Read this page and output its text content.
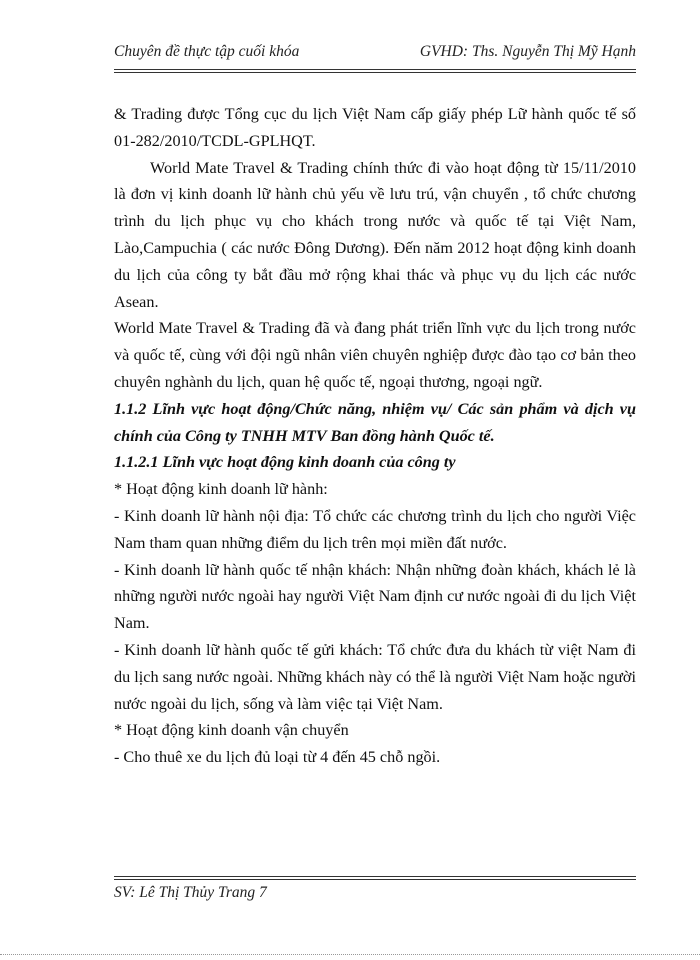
Chuyên đề thực tập cuối khóa	GVHD: Ths. Nguyễn Thị Mỹ Hạnh

& Trading được Tổng cục du lịch Việt Nam cấp giấy phép Lữ hành quốc tế số 01-282/2010/TCDL-GPLHQT.

World Mate Travel & Trading chính thức đi vào hoạt động từ 15/11/2010 là đơn vị kinh doanh lữ hành chủ yếu về lưu trú, vận chuyển , tổ chức chương trình du lịch phục vụ cho khách trong nước và quốc tế tại Việt Nam, Lào,Campuchia ( các nước Đông Dương). Đến năm 2012 hoạt động kinh doanh du lịch của công ty bắt đầu mở rộng khai thác và phục vụ du lịch các nước Asean.

World Mate Travel & Trading đã và đang phát triển lĩnh vực du lịch trong nước và quốc tế, cùng với đội ngũ nhân viên chuyên nghiệp được đào tạo cơ bản theo chuyên nghành du lịch, quan hệ quốc tế, ngoại thương, ngoại ngữ.

1.1.2 Lĩnh vực hoạt động/Chức năng, nhiệm vụ/ Các sản phẩm và dịch vụ chính của Công ty TNHH MTV Ban đồng hành Quốc tế.

1.1.2.1 Lĩnh vực hoạt động kinh doanh của công ty

* Hoạt động kinh doanh lữ hành:

- Kinh doanh lữ hành nội địa: Tổ chức các chương trình du lịch cho người Việc Nam tham quan những điểm du lịch trên mọi miền đất nước.

- Kinh doanh lữ hành quốc tế nhận khách: Nhận những đoàn khách, khách lẻ là những người nước ngoài hay người Việt Nam định cư nước ngoài đi du lịch Việt Nam.

- Kinh doanh lữ hành quốc tế gửi khách: Tổ chức đưa du khách từ việt Nam đi du lịch sang nước ngoài. Những khách này có thể là người Việt Nam hoặc người nước ngoài du lịch, sống và làm việc tại Việt Nam.

* Hoạt động kinh doanh vận chuyển

- Cho thuê xe du lịch đủ loại từ 4 đến 45 chỗ ngồi.

SV: Lê Thị Thủy Trang 7
